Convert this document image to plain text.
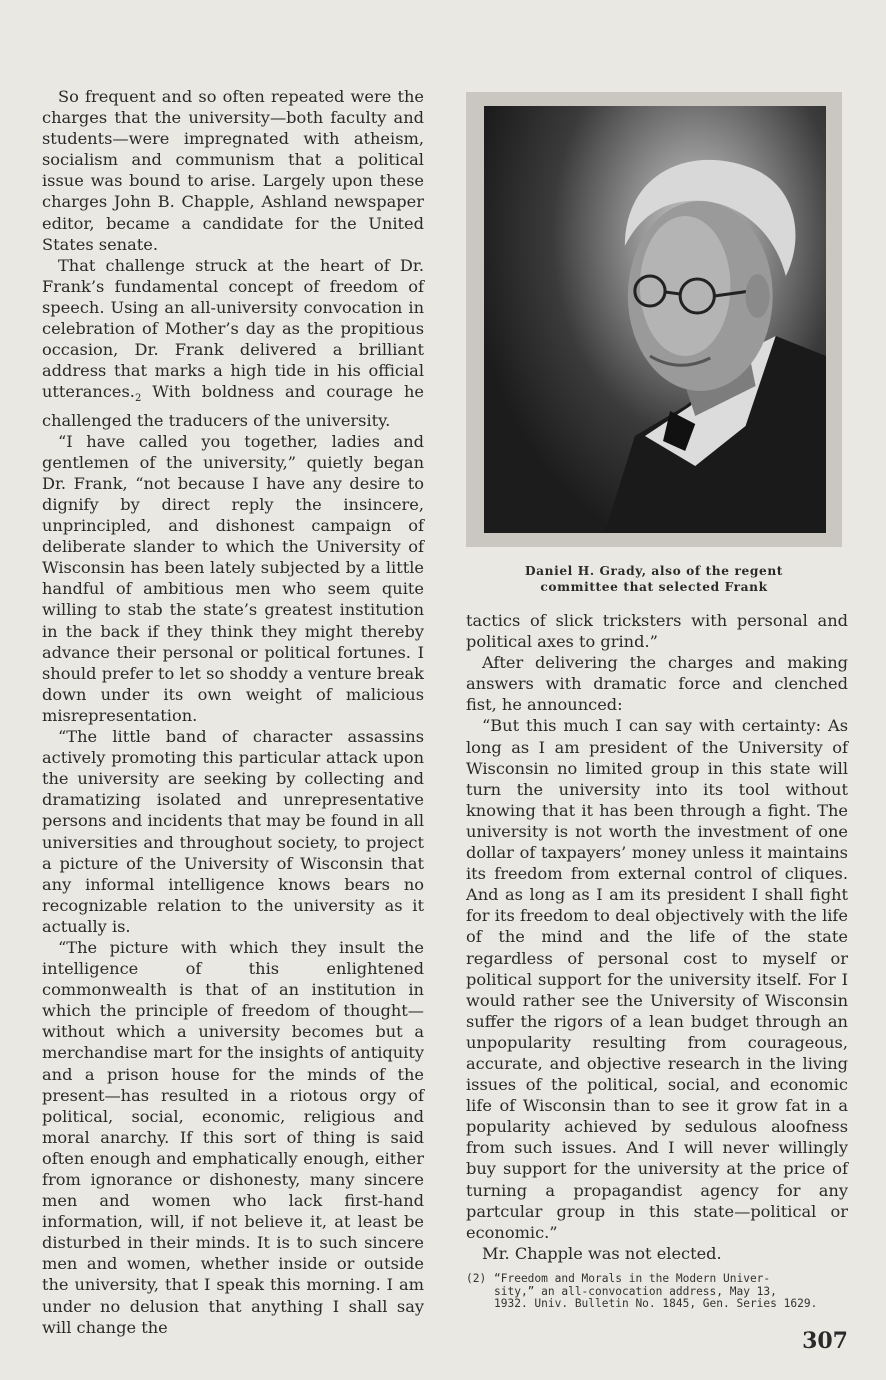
So frequent and so often repeated were the charges that the university—both faculty and students—were impregnated with atheism, socialism and communism that a political issue was bound to arise. Largely upon these charges John B. Chapple, Ashland newspaper editor, became a candidate for the United States senate.

That challenge struck at the heart of Dr. Frank’s fundamental concept of freedom of speech. Using an all-university convocation in celebration of Mother’s day as the propitious occasion, Dr. Frank delivered a brilliant address that marks a high tide in his official $utterances._2$ With boldness and courage he challenged the traducers of the university.

“I have called you together, ladies and gentlemen of the university,” quietly began Dr. Frank, “not because I have any desire to dignify by direct reply the insincere, unprincipled, and dishonest campaign of deliberate slander to which the University of Wisconsin has been lately subjected by a little handful of ambitious men who seem quite willing to stab the state’s greatest institution in the back if they think they might thereby advance their personal or political fortunes. I should prefer to let so shoddy a venture break down under its own weight of malicious misrepresentation.

“The little band of character assassins actively promoting this particular attack upon the university are seeking by collecting and dramatizing isolated and unrepresentative persons and incidents that may be found in all universities and throughout society, to project a picture of the University of Wisconsin that any informal intelligence knows bears no recognizable relation to the university as it actually is.

“The picture with which they insult the intelligence of this enlightened commonwealth is that of an institution in which the principle of freedom of thought—without which a university becomes but a merchandise mart for the insights of antiquity and a prison house for the minds of the present—has resulted in a riotous orgy of political, social, economic, religious and moral anarchy. If this sort of thing is said often enough and emphatically enough, either from ignorance or dishonesty, many sincere men and women who lack first-hand information, will, if not believe it, at least be disturbed in their minds. It is to such sincere men and women, whether inside or outside the university, that I speak this morning. I am under no delusion that anything I shall say will change the

Daniel H. Grady, also of the regent
committee that selected Frank

tactics of slick tricksters with personal and political axes to grind.”

After delivering the charges and making answers with dramatic force and clenched fist, he announced:

“But this much I can say with certainty: As long as I am president of the University of Wisconsin no limited group in this state will turn the university into its tool without knowing that it has been through a fight. The university is not worth the investment of one dollar of taxpayers’ money unless it maintains its freedom from external control of cliques. And as long as I am its president I shall fight for its freedom to deal objectively with the life of the mind and the life of the state regardless of personal cost to myself or political support for the university itself. For I would rather see the University of Wisconsin suffer the rigors of a lean budget through an unpopularity resulting from courageous, accurate, and objective research in the living issues of the political, social, and economic life of Wisconsin than to see it grow fat in a popularity achieved by sedulous aloofness from such issues. And I will never willingly buy support for the university at the price of turning a propagandist agency for any partcular group in this state—political or economic.”

Mr. Chapple was not elected.

(2) “Freedom and Morals in the Modern Univer-
sity,” an all-convocation address, May 13,
1932. Univ. Bulletin No. 1845, Gen. Series 1629.
307
